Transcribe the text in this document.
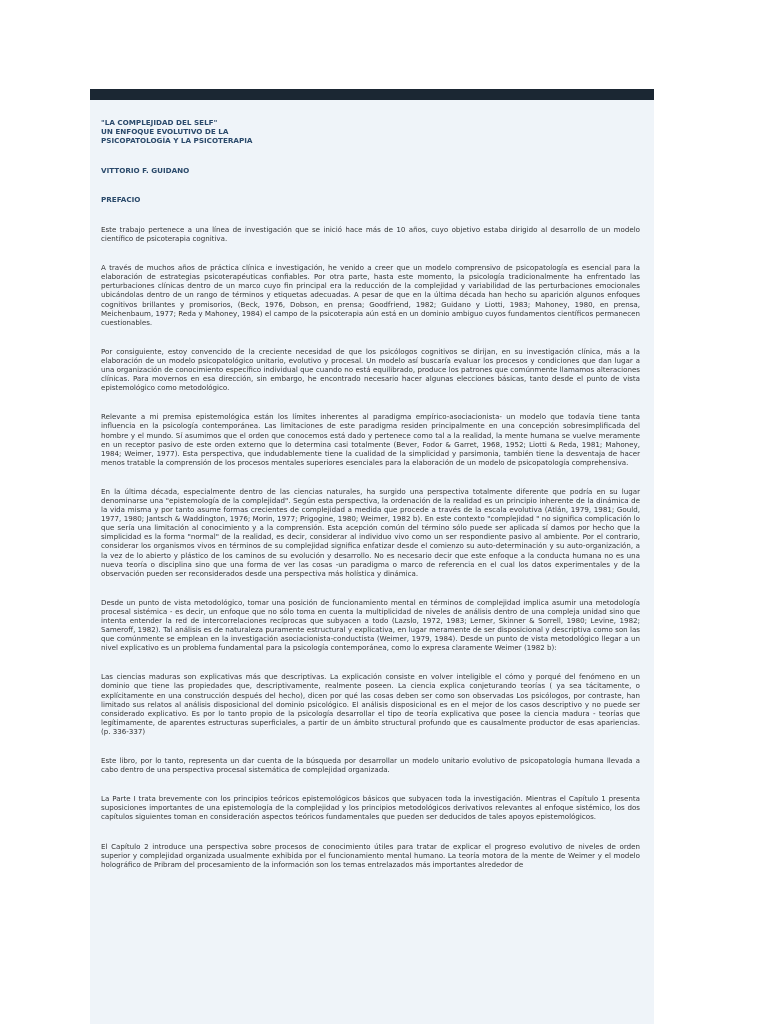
"LA COMPLEJIDAD DEL SELF"

UN ENFOQUE EVOLUTIVO DE LA

PSICOPATOLOGÍA Y LA PSICOTERAPIA

VITTORIO F. GUIDANO

PREFACIO

Este trabajo pertenece a una línea de investigación que se inició hace más de 10 años, cuyo objetivo estaba dirigido al desarrollo de un modelo científico de psicoterapia cognitiva.

A través de muchos años de práctica clínica e investigación, he venido a creer que un modelo comprensivo de psicopatología es esencial para la elaboración de estrategias psicoterapéuticas confiables. Por otra parte, hasta este momento, la psicología tradicionalmente ha enfrentado las perturbaciones clínicas dentro de un marco cuyo fin principal era la reducción de la complejidad y variabilidad de las perturbaciones emocionales ubicándolas dentro de un rango de términos y etiquetas adecuadas. A pesar de que en la última década han hecho su aparición algunos enfoques cognitivos brillantes y promisorios, (Beck, 1976, Dobson, en prensa; Goodfriend, 1982; Guidano y Liotti, 1983; Mahoney, 1980, en prensa, Meichenbaum, 1977; Reda y Mahoney, 1984) el campo de la psicoterapia aún está en un dominio ambiguo cuyos fundamentos científicos permanecen cuestionables.

Por consiguiente, estoy convencido de la creciente necesidad de que los psicólogos cognitivos se dirijan, en su investigación clínica, más a la elaboración de un modelo psicopatológico unitario, evolutivo y procesal. Un modelo así buscaría evaluar los procesos y condiciones que dan lugar a una organización de conocimiento específico individual que cuando no está equilibrado, produce los patrones que comúnmente llamamos alteraciones clínicas. Para movernos en esa dirección, sin embargo, he encontrado necesario hacer algunas elecciones básicas, tanto desde el punto de vista epistemológico como metodológico.

Relevante a mi premisa epistemológica están los límites inherentes al paradigma empírico-asociacionista- un modelo que todavía tiene tanta influencia en la psicología contemporánea. Las limitaciones de este paradigma residen principalmente en una concepción sobresimplificada del hombre y el mundo. Sí asumimos que el orden que conocemos está dado y pertenece como tal a la realidad, la mente humana se vuelve meramente en un receptor pasivo de este orden externo que lo determina casi totalmente (Bever, Fodor & Garret, 1968, 1952; Liotti & Reda, 1981; Mahoney, 1984; Weimer, 1977). Esta perspectiva, que indudablemente tiene la cualidad de la simplicidad y parsimonia, también tiene la desventaja de hacer menos tratable la comprensión de los procesos mentales superiores esenciales para la elaboración de un modelo de psicopatología comprehensiva.

En la última década, especialmente dentro de las ciencias naturales, ha surgido una perspectiva totalmente diferente que podría en su lugar denominarse una "epistemología de la complejidad". Según esta perspectiva, la ordenación de la realidad es un principio inherente de la dinámica de la vida misma y por tanto asume formas crecientes de complejidad a medida que procede a través de la escala evolutiva (Atlán, 1979, 1981; Gould, 1977, 1980; Jantsch & Waddington, 1976; Morin, 1977; Prigogine, 1980; Weimer, 1982 b). En este contexto "complejidad " no significa complicación lo que sería una limitación al conocimiento y a la comprensión. Esta acepción común del término sólo puede ser aplicada sí damos por hecho que la simplicidad es la forma "normal" de la realidad, es decir, considerar al individuo vivo como un ser respondiente pasivo al ambiente. Por el contrario, considerar los organismos vivos en términos de su complejidad significa enfatizar desde el comienzo su auto-determinación y su auto-organización, a la vez de lo abierto y plástico de los caminos de su evolución y desarrollo. No es necesario decir que este enfoque a la conducta humana no es una nueva teoría o disciplina sino que una forma de ver las cosas -un paradigma o marco de referencia en el cual los datos experimentales y de la observación pueden ser reconsiderados desde una perspectiva más holística y dinámica.

Desde un punto de vista metodológico, tomar una posición de funcionamiento mental en términos de complejidad implica asumir una metodología procesal sistémica - es decir, un enfoque que no sólo toma en cuenta la multiplicidad de niveles de análisis dentro de una compleja unidad sino que intenta entender la red de intercorrelaciones recíprocas que subyacen a todo (Lazslo, 1972, 1983; Lerner, Skinner & Sorrell, 1980; Levine, 1982; Sameroff, 1982). Tal análisis es de naturaleza puramente estructural y explicativa, en lugar meramente de ser disposicional y descriptiva como son las que comúnmente se emplean en la investigación asociacionista-conductista (Weimer, 1979, 1984). Desde un punto de vista metodológico llegar a un nivel explicativo es un problema fundamental para la psicología contemporánea, como lo expresa claramente Weimer (1982 b):

Las ciencias maduras son explicativas más que descriptivas. La explicación consiste en volver inteligible el cómo y porqué del fenómeno en un dominio que tiene las propiedades que, descriptivamente, realmente poseen. La ciencia explica conjeturando teorías ( ya sea tácitamente, o explícitamente en una construcción después del hecho), dicen por qué las cosas deben ser como son observadas Los psicólogos, por contraste, han limitado sus relatos al análisis disposicional del dominio psicológico. El análisis disposicional es en el mejor de los casos descriptivo y no puede ser considerado explicativo. Es por lo tanto propio de la psicología desarrollar el tipo de teoría explicativa que posee la ciencia madura - teorías que legítimamente, de aparentes estructuras superficiales, a partir de un ámbito structural profundo que es causalmente productor de esas apariencias. (p. 336-337)

Este libro, por lo tanto, representa un dar cuenta de la búsqueda por desarrollar un modelo unitario evolutivo de psicopatología humana llevada a cabo dentro de una perspectiva procesal sistemática de complejidad organizada.

La Parte I trata brevemente con los principios teóricos epistemológicos básicos que subyacen toda la investigación. Mientras el Capítulo 1 presenta suposiciones importantes de una epistemología de la complejidad y los principios metodológicos derivativos relevantes al enfoque sistémico, los dos capítulos siguientes toman en consideración aspectos teóricos fundamentales que pueden ser deducidos de tales apoyos epistemológicos.

El Capítulo 2 introduce una perspectiva sobre procesos de conocimiento útiles para tratar de explicar el progreso evolutivo de niveles de orden superior y complejidad organizada usualmente exhibida por el funcionamiento mental humano. La teoría motora de la mente de Weimer y el modelo holográfico de Pribram del procesamiento de la información son los temas entrelazados más importantes alrededor de
